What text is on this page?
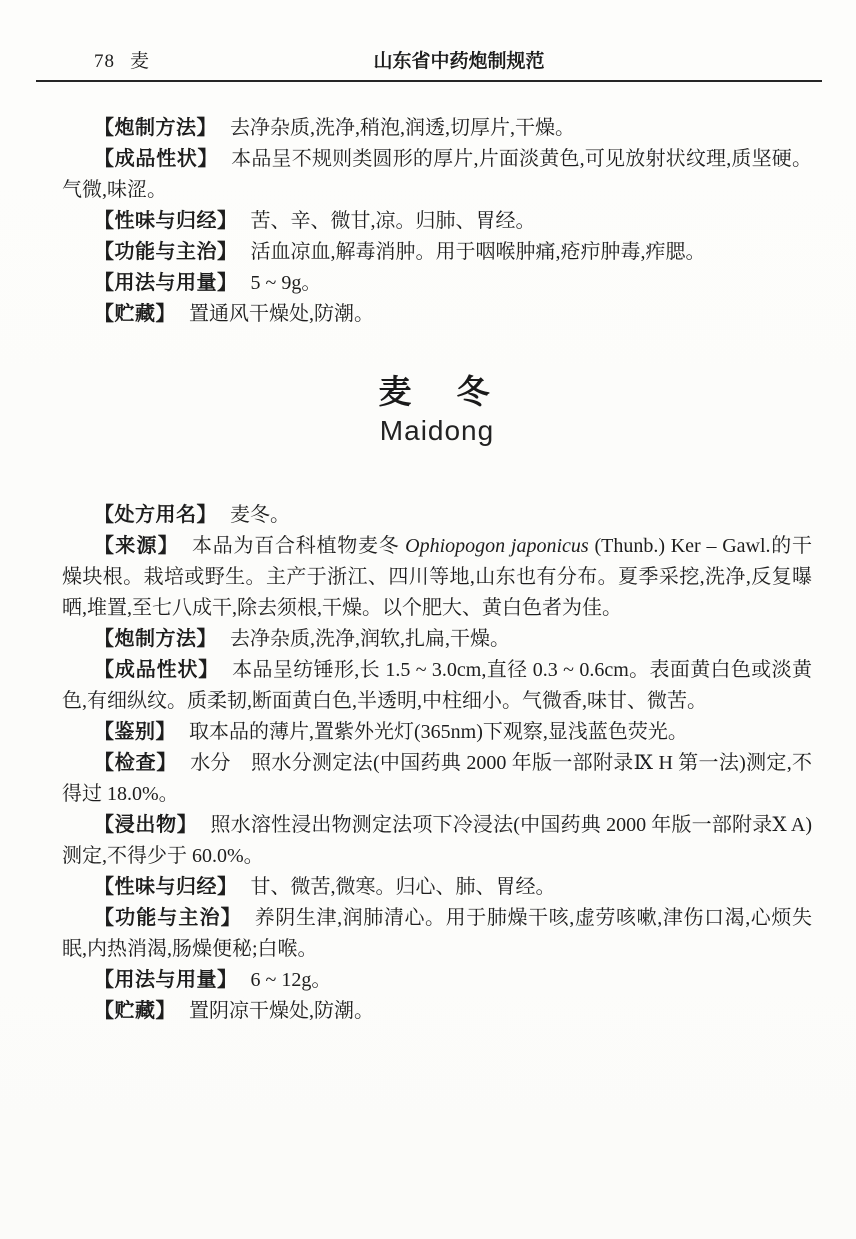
78 麦	山东省中药炮制规范

【炮制方法】 去净杂质,洗净,稍泡,润透,切厚片,干燥。

【成品性状】 本品呈不规则类圆形的厚片,片面淡黄色,可见放射状纹理,质坚硬。气微,味涩。

【性味与归经】 苦、辛、微甘,凉。归肺、胃经。

【功能与主治】 活血凉血,解毒消肿。用于咽喉肿痛,疮疖肿毒,痄腮。

【用法与用量】 5 ~ 9g。

【贮藏】 置通风干燥处,防潮。

麦　冬
Maidong

【处方用名】 麦冬。

【来源】 本品为百合科植物麦冬 Ophiopogon japonicus (Thunb.) Ker – Gawl.的干燥块根。栽培或野生。主产于浙江、四川等地,山东也有分布。夏季采挖,洗净,反复曝晒,堆置,至七八成干,除去须根,干燥。以个肥大、黄白色者为佳。

【炮制方法】 去净杂质,洗净,润软,扎扁,干燥。

【成品性状】 本品呈纺锤形,长 1.5 ~ 3.0cm,直径 0.3 ~ 0.6cm。表面黄白色或淡黄色,有细纵纹。质柔韧,断面黄白色,半透明,中柱细小。气微香,味甘、微苦。

【鉴别】 取本品的薄片,置紫外光灯(365nm)下观察,显浅蓝色荧光。

【检查】 水分　照水分测定法(中国药典 2000 年版一部附录Ⅸ H 第一法)测定,不得过 18.0%。

【浸出物】 照水溶性浸出物测定法项下冷浸法(中国药典 2000 年版一部附录Ⅹ A)测定,不得少于 60.0%。

【性味与归经】 甘、微苦,微寒。归心、肺、胃经。

【功能与主治】 养阴生津,润肺清心。用于肺燥干咳,虚劳咳嗽,津伤口渴,心烦失眠,内热消渴,肠燥便秘;白喉。

【用法与用量】 6 ~ 12g。

【贮藏】 置阴凉干燥处,防潮。
